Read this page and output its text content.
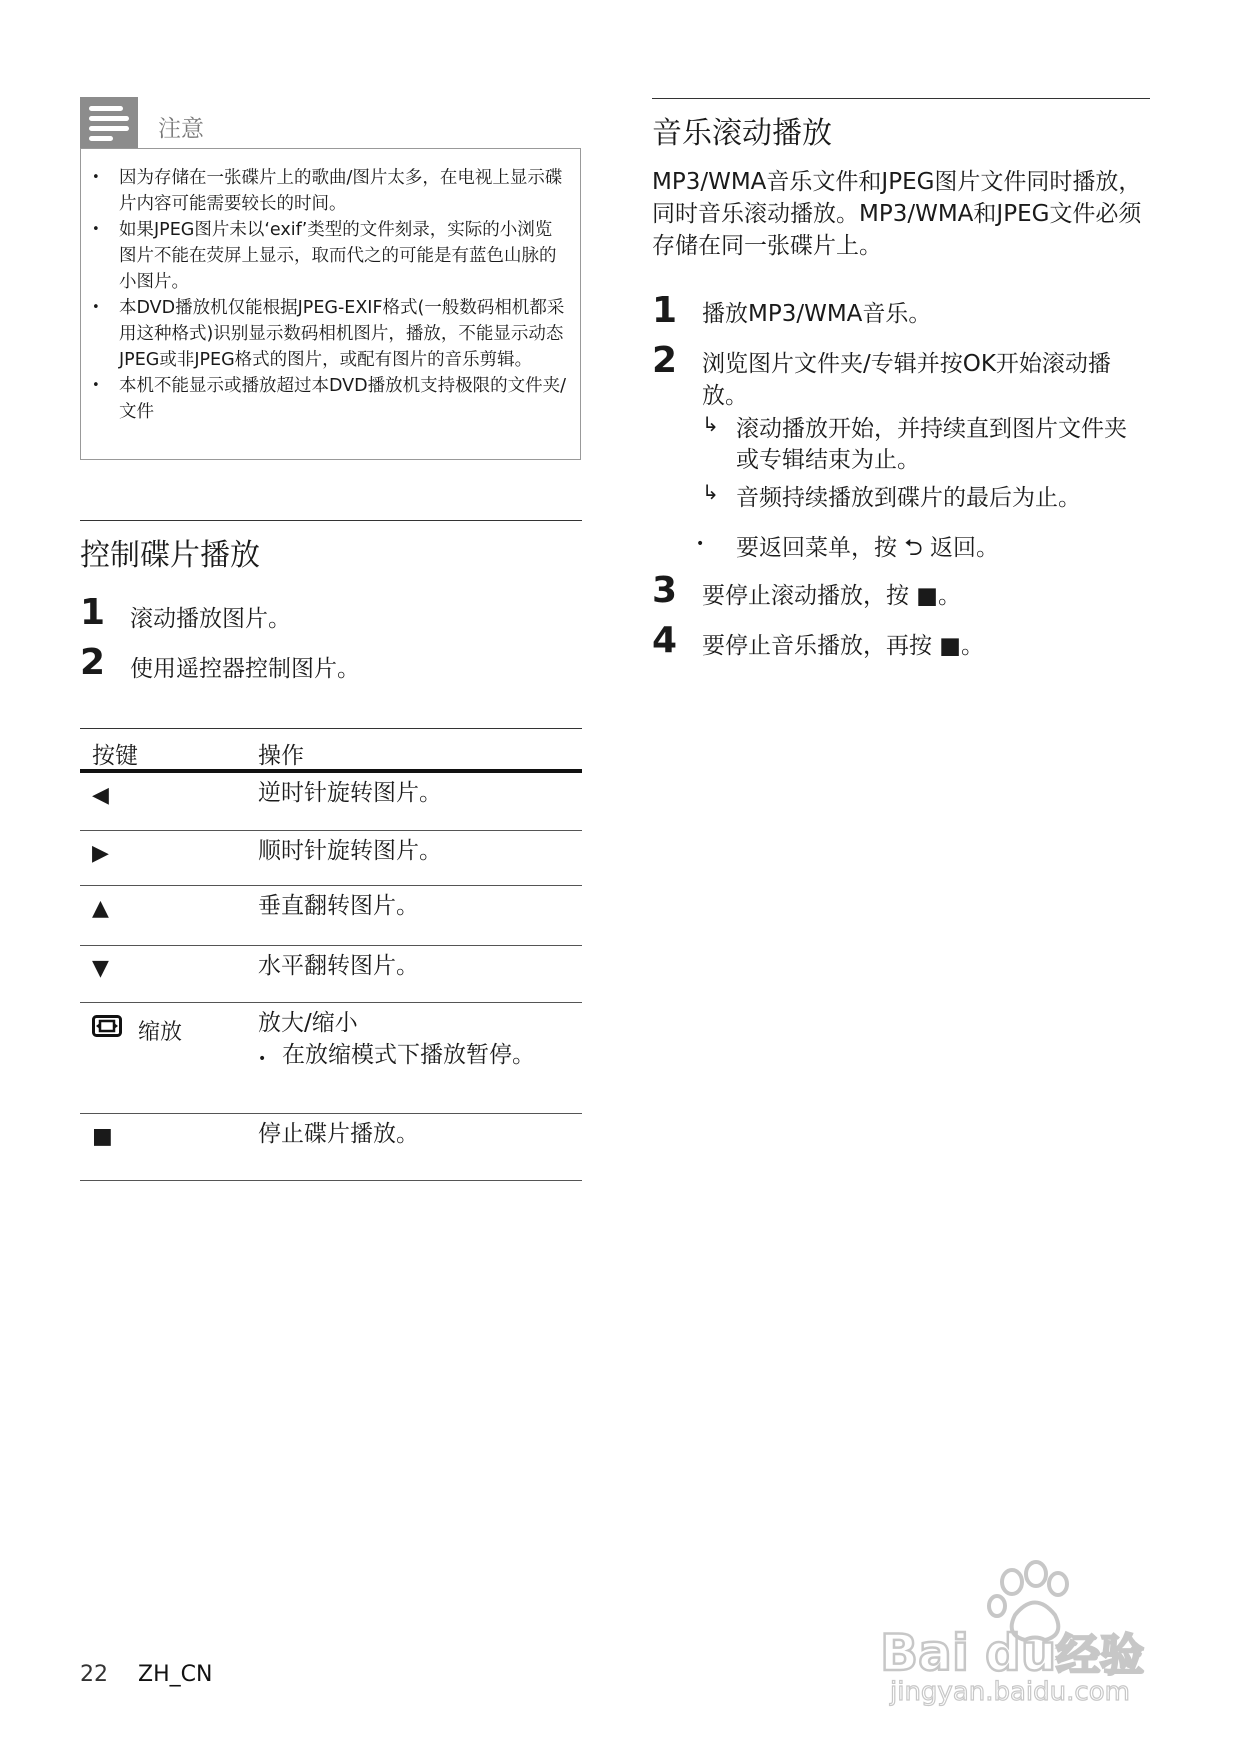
注意
• 因为存储在一张碟片上的歌曲/图片太多，在电视上显示碟片内容可能需要较长的时间。
• 如果JPEG图片未以‘exif’类型的文件刻录，实际的小浏览图片不能在荧屏上显示，取而代之的可能是有蓝色山脉的小图片。
• 本DVD播放机仅能根据JPEG-EXIF格式(一般数码相机都采用这种格式)识别显示数码相机图片，播放，不能显示动态JPEG或非JPEG格式的图片，或配有图片的音乐剪辑。
• 本机不能显示或播放超过本DVD播放机支持极限的文件夹/文件
控制碟片播放
1 滚动播放图片。
2 使用遥控器控制图片。
按键	操作
◀	逆时针旋转图片。
▶	顺时针旋转图片。
▲	垂直翻转图片。
▼	水平翻转图片。
缩放	放大/缩小
• 在放缩模式下播放暂停。
■	停止碟片播放。
音乐滚动播放

MP3/WMA音乐文件和JPEG图片文件同时播放，同时音乐滚动播放。MP3/WMA和JPEG文件必须存储在同一张碟片上。

1 播放MP3/WMA音乐。
2 浏览图片文件夹/专辑并按OK开始滚动播放。
↳ 滚动播放开始，并持续直到图片文件夹或专辑结束为止。
↳ 音频持续播放到碟片的最后为止。
• 要返回菜单，按 ⮌ 返回。
3 要停止滚动播放，按 ■。
4 要停止音乐播放，再按 ■。
22 ZH_CN	Bai du 经验
jingyan.baidu.com
